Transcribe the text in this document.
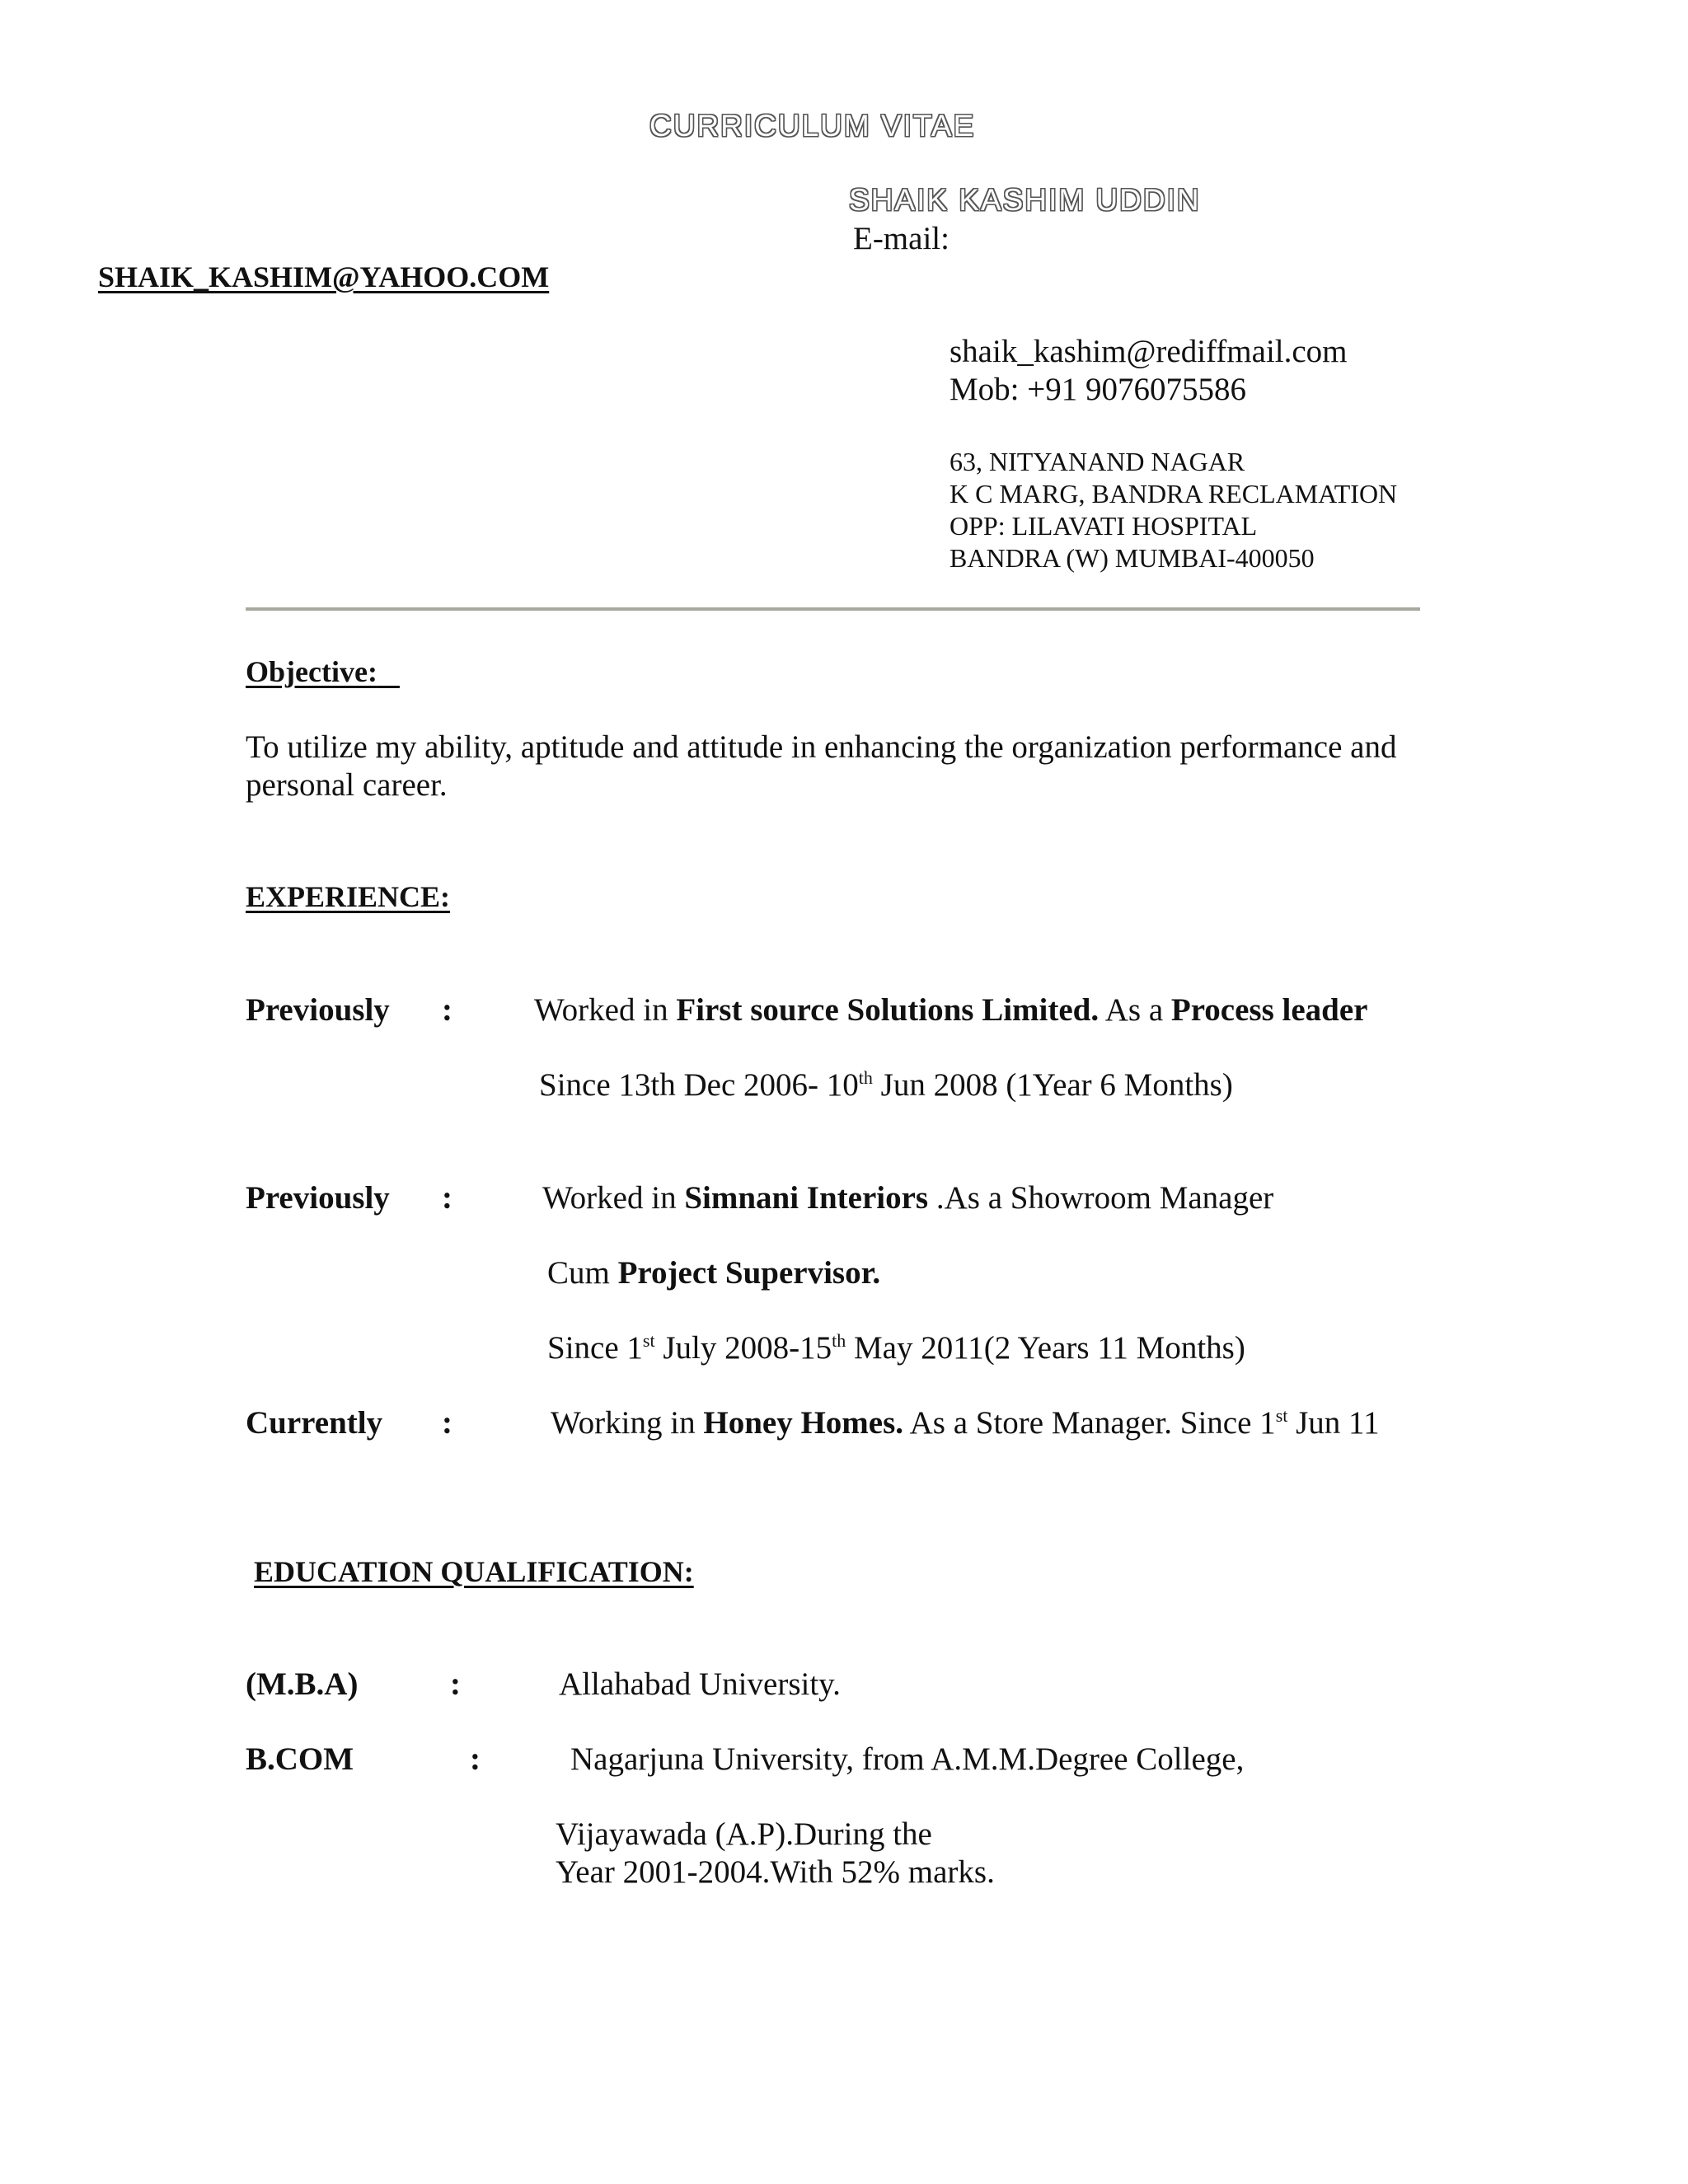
CURRICULUM VITAE
SHAIK KASHIM UDDIN
E-mail:
SHAIK_KASHIM@YAHOO.COM
shaik_kashim@rediffmail.com
Mob: +91 9076075586
63, NITYANAND NAGAR
K C MARG, BANDRA RECLAMATION
OPP: LILAVATI HOSPITAL
BANDRA (W) MUMBAI-400050
Objective:
To utilize my ability, aptitude and attitude in enhancing the organization performance and
personal career.
EXPERIENCE:
Previously :	Worked in First source Solutions Limited. As a Process leader
Since 13th Dec 2006- 10th Jun 2008 (1Year 6 Months)
Previously :	Worked in Simnani Interiors .As a Showroom Manager
Cum Project Supervisor.
Since 1st July 2008-15th May 2011(2 Years 11 Months)
Currently :	Working in Honey Homes. As a Store Manager. Since 1st Jun 11
EDUCATION QUALIFICATION:
(M.B.A)	:	Allahabad University.
B.COM	:	Nagarjuna University, from A.M.M.Degree College,
Vijayawada (A.P).During the
Year 2001-2004.With 52% marks.
